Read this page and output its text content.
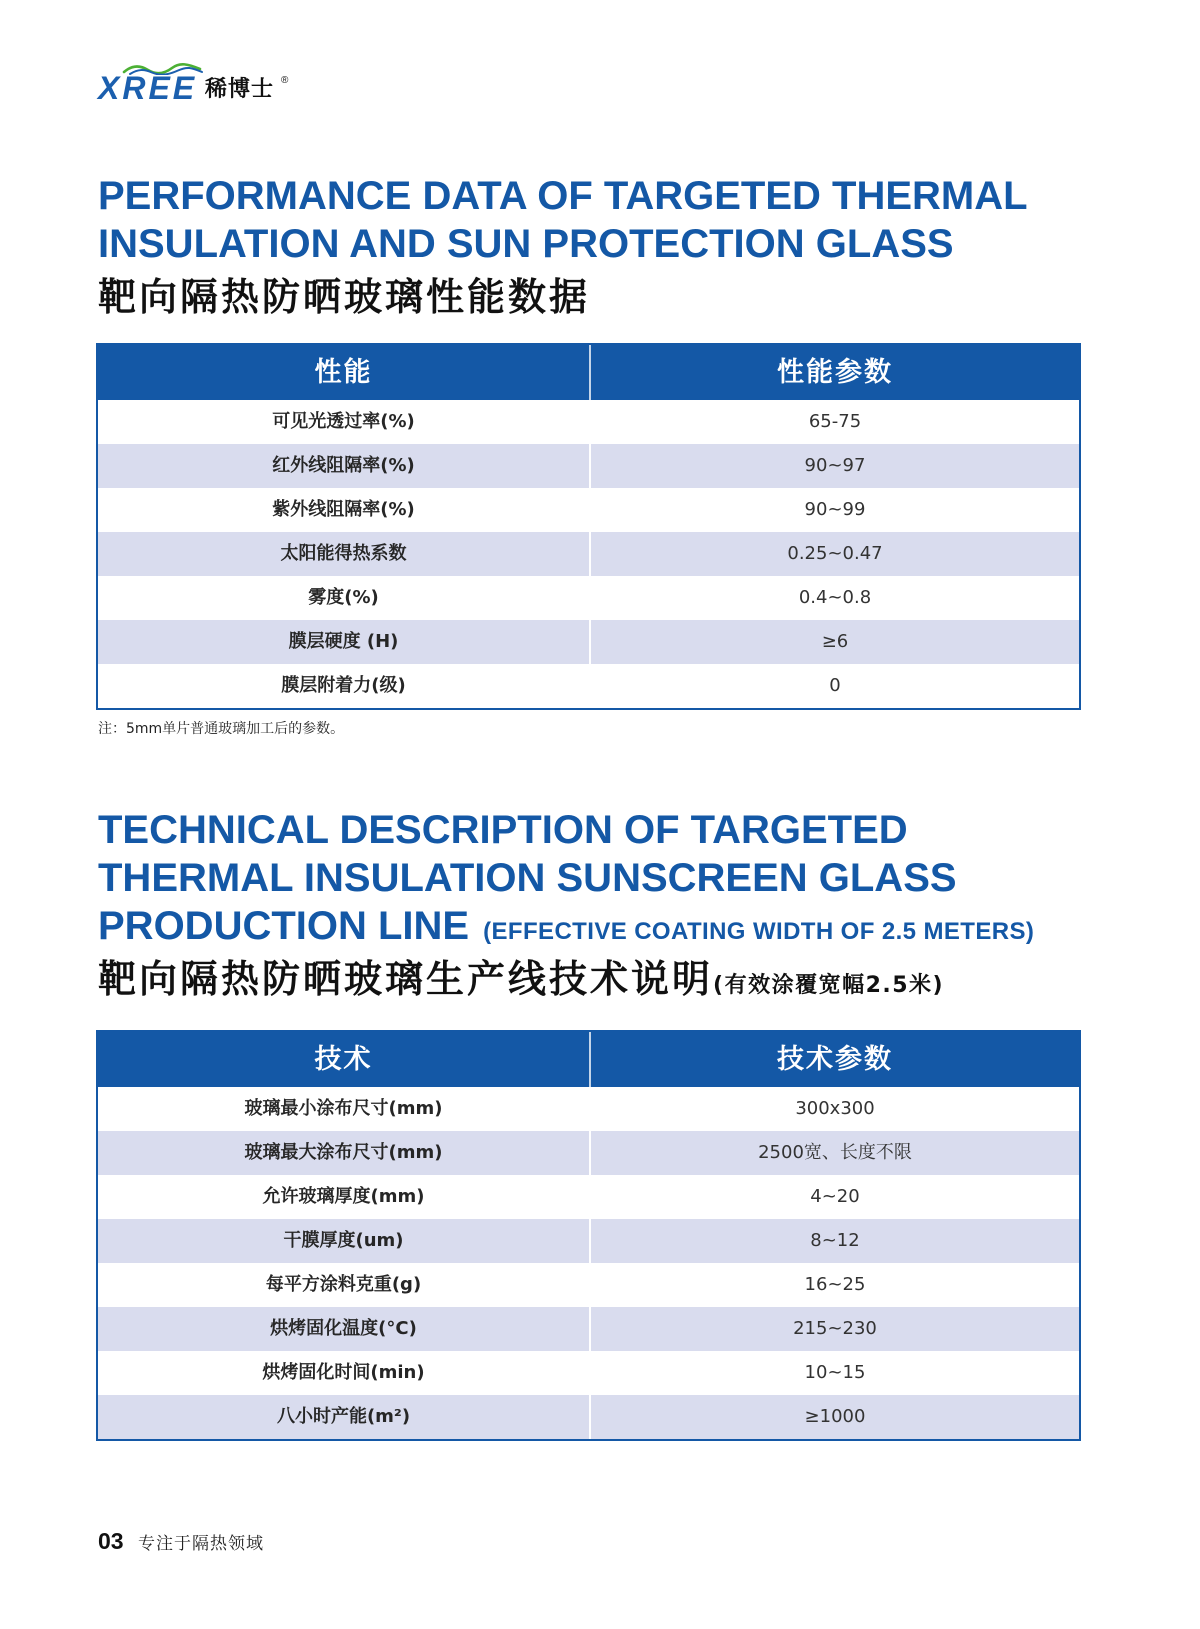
XREE 稀博士 ®
PERFORMANCE DATA OF TARGETED THERMAL
INSULATION AND SUN PROTECTION GLASS
靶向隔热防晒玻璃性能数据
性能	性能参数
可见光透过率(%)	65-75
红外线阻隔率(%)	90~97
紫外线阻隔率(%)	90~99
太阳能得热系数	0.25~0.47
雾度(%)	0.4~0.8
膜层硬度 (H)	≥6
膜层附着力(级)	0
注：5mm单片普通玻璃加工后的参数。
TECHNICAL DESCRIPTION OF TARGETED
THERMAL INSULATION SUNSCREEN GLASS
PRODUCTION LINE (EFFECTIVE COATING WIDTH OF 2.5 METERS)
靶向隔热防晒玻璃生产线技术说明(有效涂覆宽幅2.5米)
技术	技术参数
玻璃最小涂布尺寸(mm)	300x300
玻璃最大涂布尺寸(mm)	2500宽、长度不限
允许玻璃厚度(mm)	4~20
干膜厚度(um)	8~12
每平方涂料克重(g)	16~25
烘烤固化温度(°C)	215~230
烘烤固化时间(min)	10~15
八小时产能(m²)	≥1000
03 专注于隔热领域
